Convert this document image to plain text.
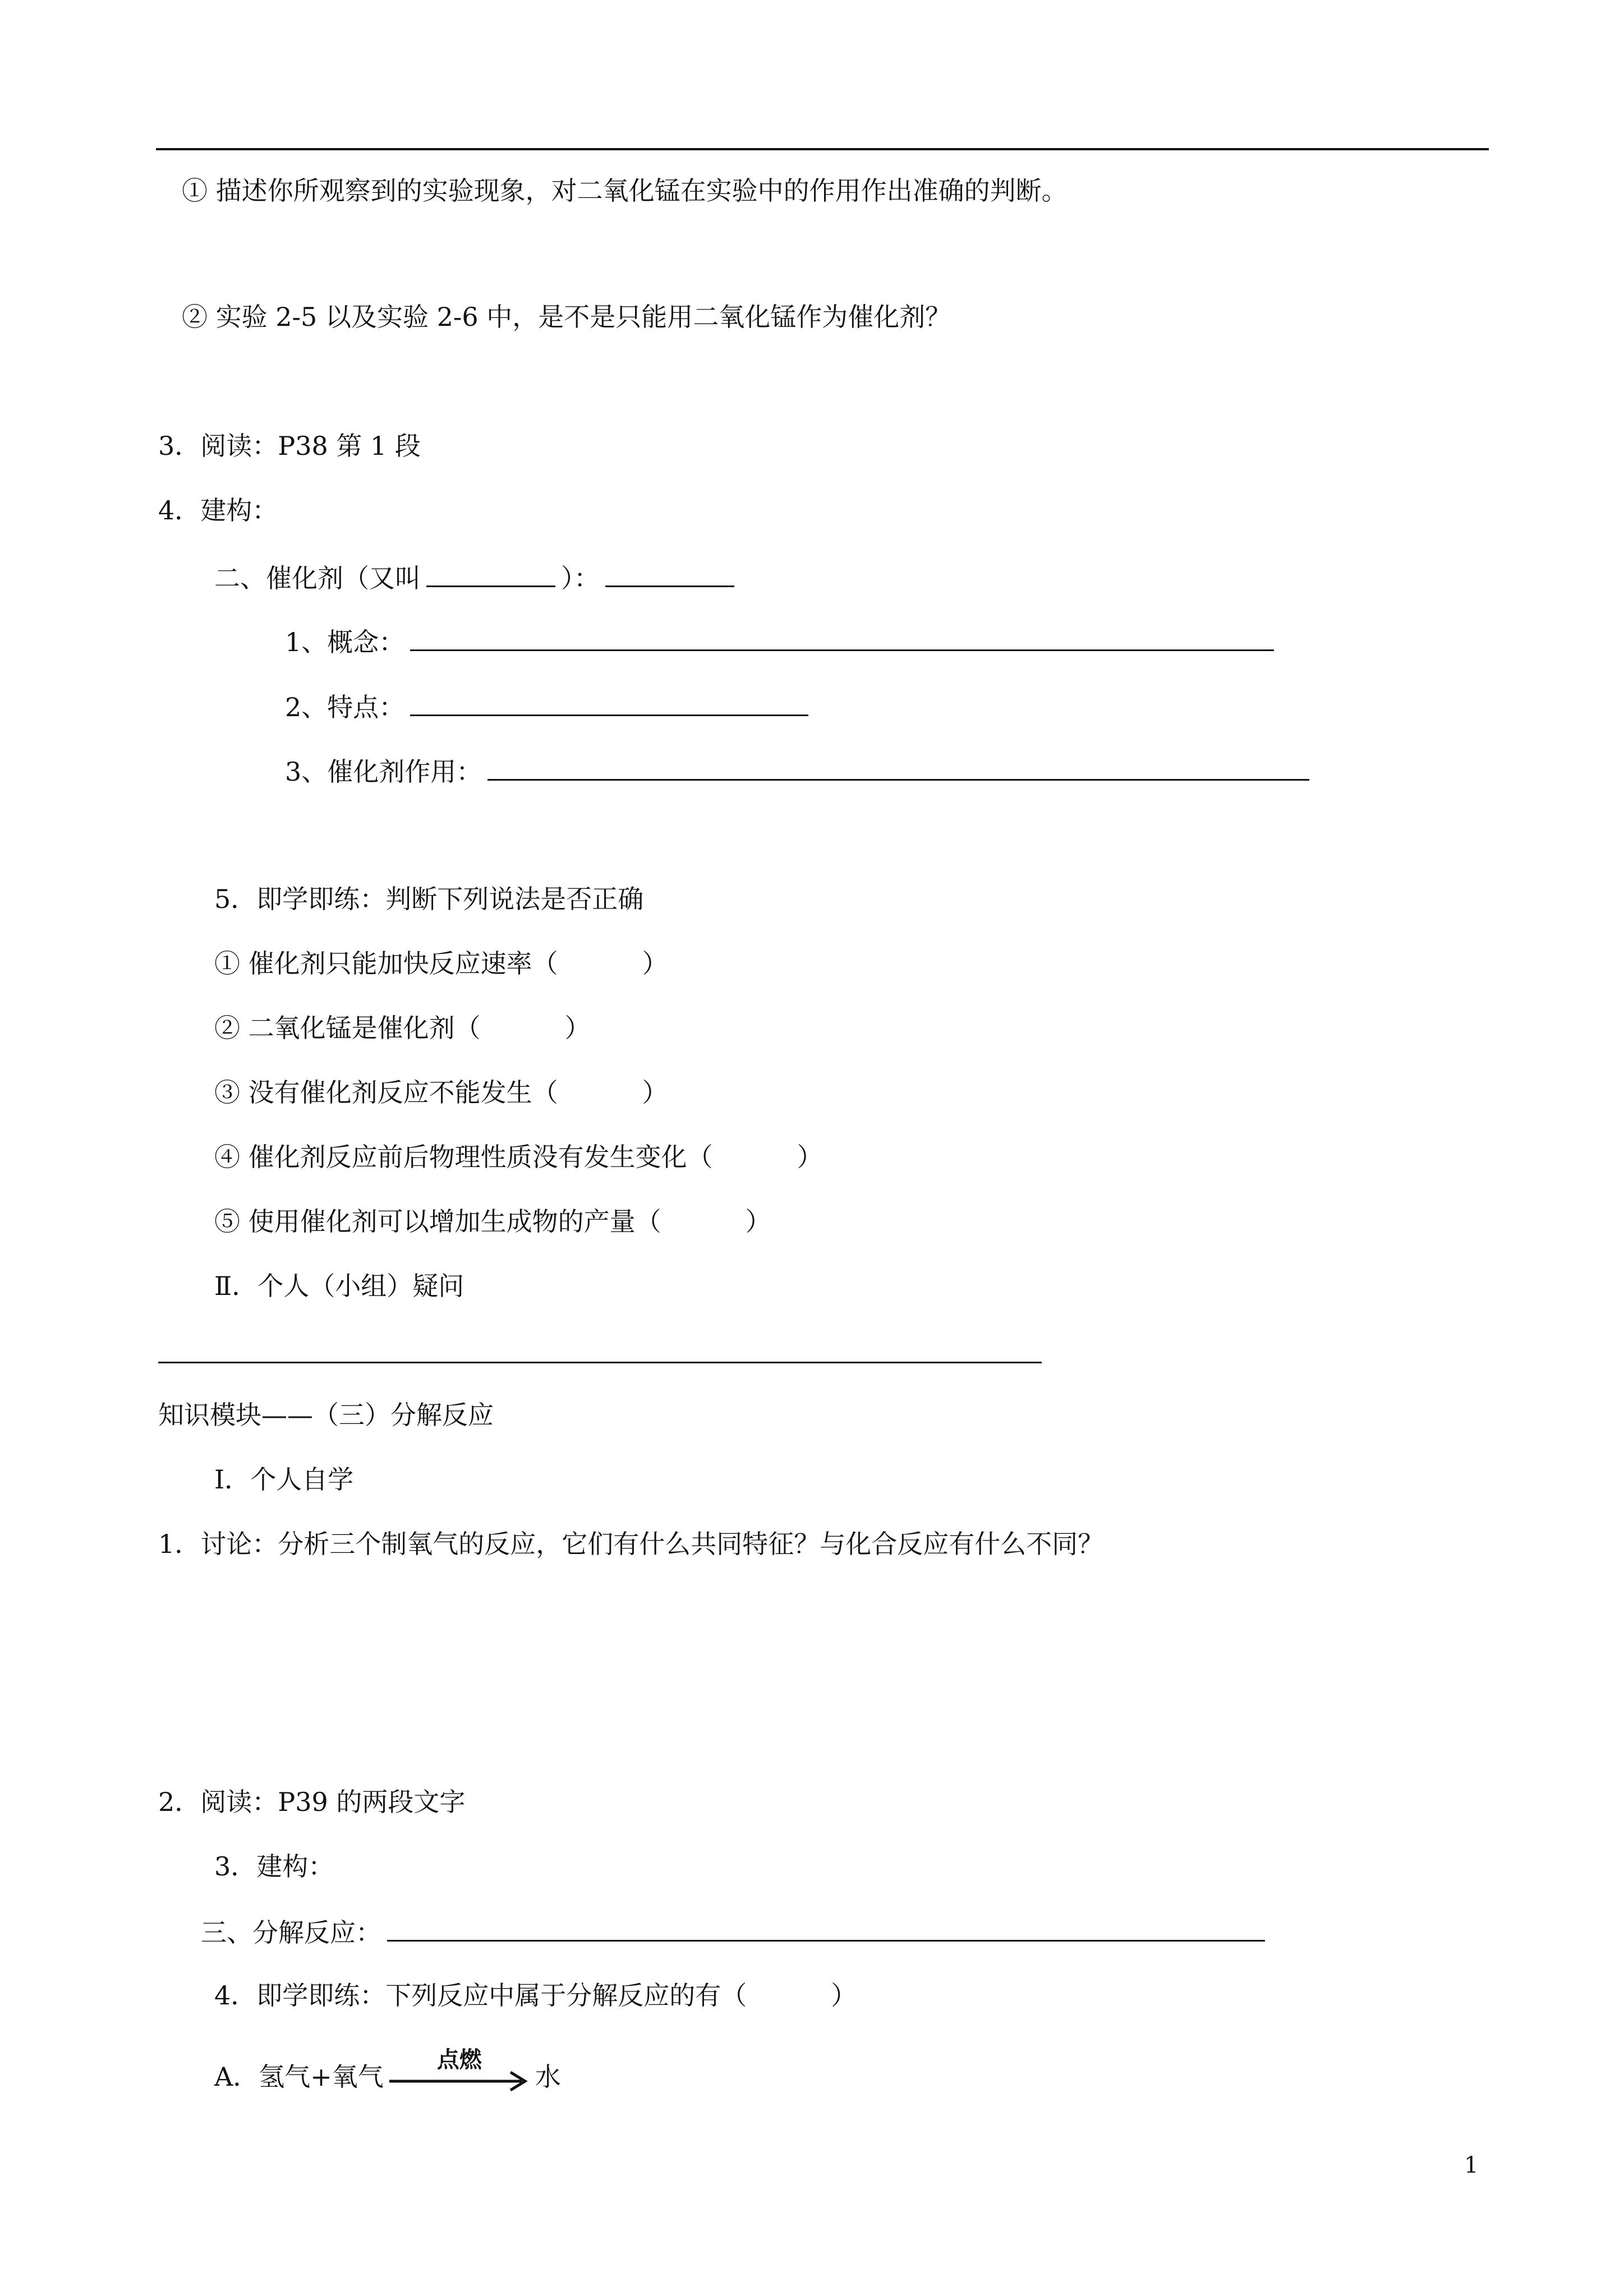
① 描述你所观察到的实验现象，对二氧化锰在实验中的作用作出准确的判断。
② 实验 2-5 以及实验 2-6 中，是不是只能用二氧化锰作为催化剂？
3．阅读：P38 第 1 段
4．建构：
二、催化剂（又叫	）：
1、概念：
2、特点：
3、催化剂作用：
5．即学即练：判断下列说法是否正确
① 催化剂只能加快反应速率（	）
② 二氧化锰是催化剂（	）
③ 没有催化剂反应不能发生（	）
④ 催化剂反应前后物理性质没有发生变化（	）
⑤ 使用催化剂可以增加生成物的产量（	）
Ⅱ．个人（小组）疑问
知识模块——（三）分解反应
Ⅰ．个人自学
1．讨论：分析三个制氧气的反应，它们有什么共同特征？与化合反应有什么不同？
2．阅读：P39 的两段文字
3．建构：
三、分解反应：
4．即学即练：下列反应中属于分解反应的有（	）
A．氢气+氧气
点燃
水
1
